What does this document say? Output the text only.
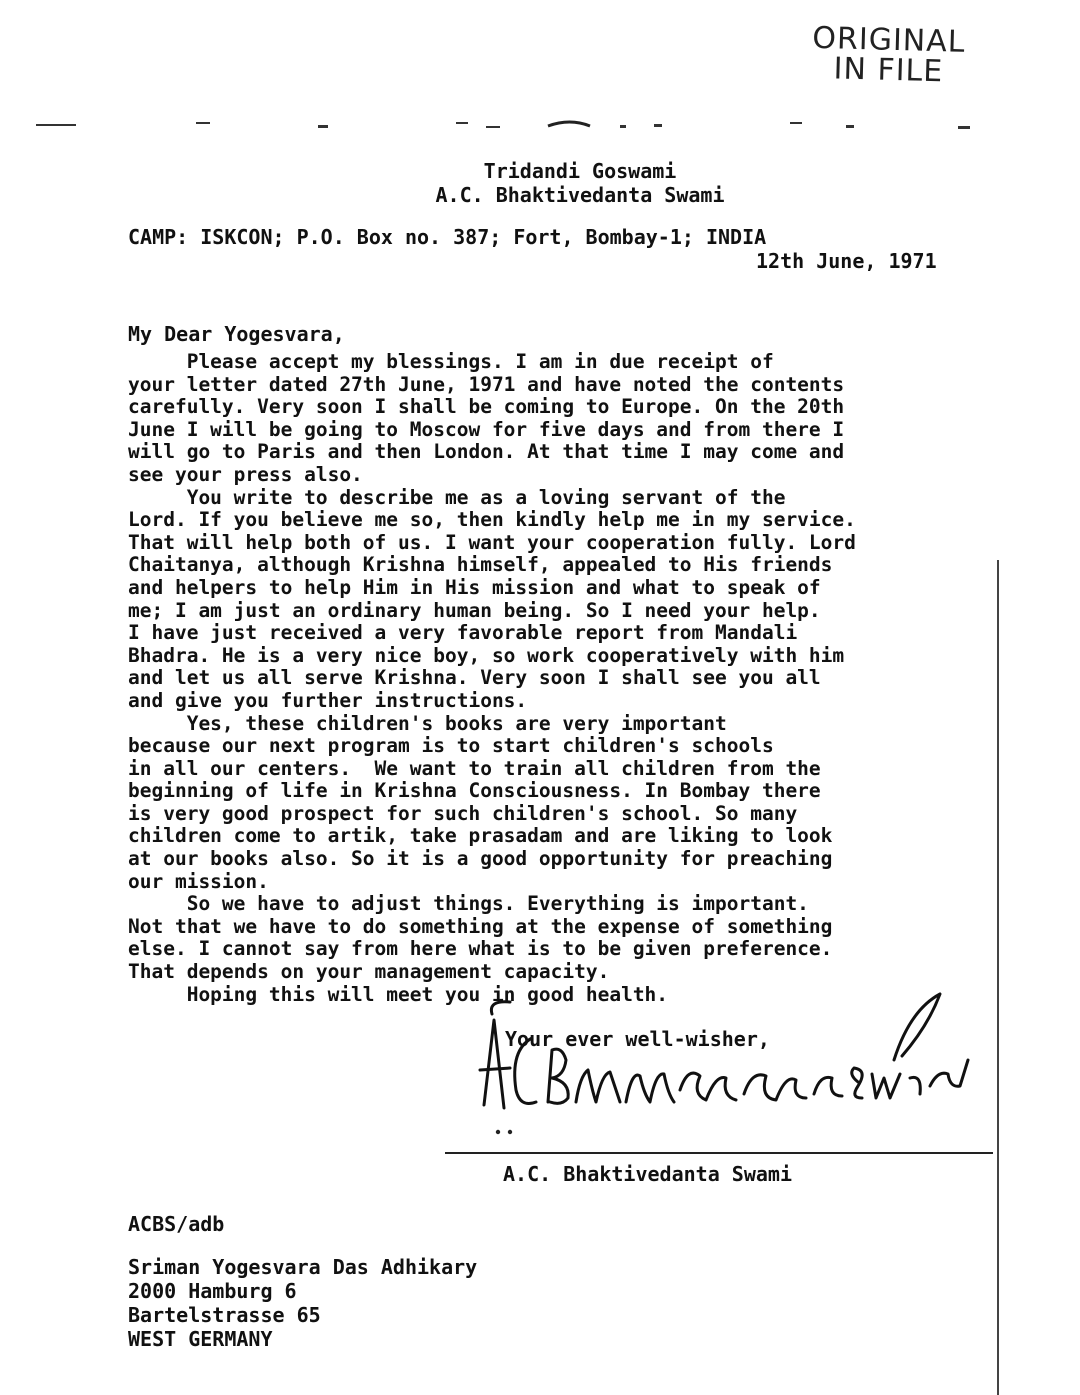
ORIGINAL
IN FILE
Tridandi Goswami
A.C. Bhaktivedanta Swami
CAMP: ISKCON; P.O. Box no. 387; Fort, Bombay-1; INDIA
12th June, 1971
My Dear Yogesvara,
Please accept my blessings. I am in due receipt of
your letter dated 27th June, 1971 and have noted the contents
carefully. Very soon I shall be coming to Europe. On the 20th
June I will be going to Moscow for five days and from there I
will go to Paris and then London. At that time I may come and
see your press also.
You write to describe me as a loving servant of the
Lord. If you believe me so, then kindly help me in my service.
That will help both of us. I want your cooperation fully. Lord
Chaitanya, although Krishna himself, appealed to His friends
and helpers to help Him in His mission and what to speak of
me; I am just an ordinary human being. So I need your help.
I have just received a very favorable report from Mandali
Bhadra. He is a very nice boy, so work cooperatively with him
and let us all serve Krishna. Very soon I shall see you all
and give you further instructions.
Yes, these children's books are very important
because our next program is to start children's schools
in all our centers.  We want to train all children from the
beginning of life in Krishna Consciousness. In Bombay there
is very good prospect for such children's school. So many
children come to artik, take prasadam and are liking to look
at our books also. So it is a good opportunity for preaching
our mission.
So we have to adjust things. Everything is important.
Not that we have to do something at the expense of something
else. I cannot say from here what is to be given preference.
That depends on your management capacity.
Hoping this will meet you in good health.
Your ever well-wisher,
A.C. Bhaktivedanta Swami
ACBS/adb
Sriman Yogesvara Das Adhikary
2000 Hamburg 6
Bartelstrasse 65
WEST GERMANY
